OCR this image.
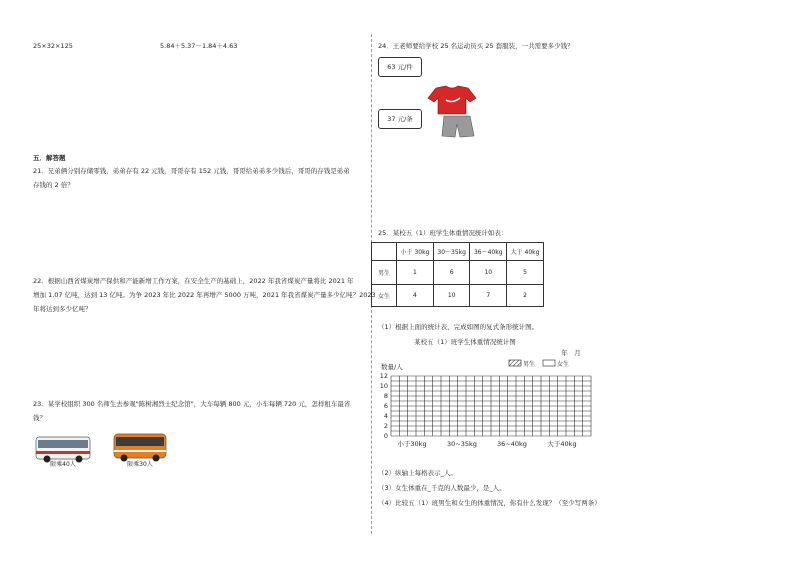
25×32×125	5.84＋5.37－1.84＋4.63
五．解答题
21．兄弟俩分别存储零钱，弟弟存有 22 元钱，哥哥存有 152 元钱，哥哥给弟弟多少钱后，哥哥的存钱是弟弟
存钱的 2 倍？
22．根据山西省煤炭增产保供和产能新增工作方案，在安全生产的基础上，2022 年我省煤炭产量将比 2021 年
增加 1.07 亿吨，达到 13 亿吨。为争 2023 年比 2022 年再增产 5000 万吨，2021 年我省煤炭产量多少亿吨？2023
年将达到多少亿吨？
23．某学校组织 300 名师生去参观"陈树湘烈士纪念馆"，大车每辆 800 元，小车每辆 720 元，怎样租车最省
钱？
限乘40人	限乘30人
24．王老师要给学校 25 名运动员买 25 套服装，一共需要多少钱？
63 元/件
37 元/条
25．某校五（1）班学生体重情况统计如表：
	小于 30kg	30～35kg	36～40kg	大于 40kg
男生	1	6	10	5
女生	4	10	7	2
（1）根据上面的统计表，完成如图的复式条形统计图。
某校五（1）班学生体重情况统计图
年　月
数量/人	男生	女生
0
2
4
6
8
10
12
小于30kg	30~35kg	36~40kg	大于40kg
（2）纵轴上每格表示_人。
（3）女生体重在_千克的人数最少，是_人。
（4）比较五（1）班男生和女生的体重情况，你有什么发现？（至少写两条）
